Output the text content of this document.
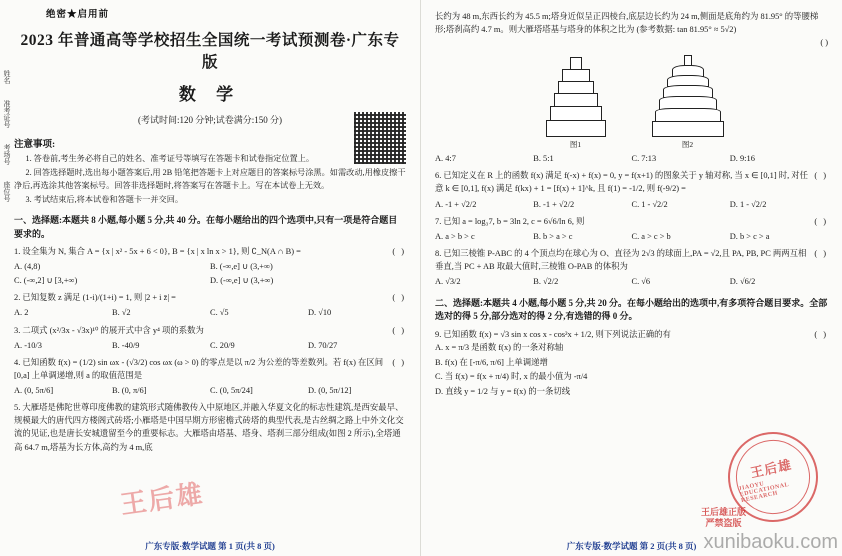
姓名
准考证号
考场号
座位号
绝密★启用前
2023 年普通高等学校招生全国统一考试预测卷·广东专版
数 学
(考试时间:120 分钟;试卷满分:150 分)
注意事项:

1. 答卷前,考生务必将自己的姓名、准考证号等填写在答题卡和试卷指定位置上。

2. 回答选择题时,选出每小题答案后,用 2B 铅笔把答题卡上对应题目的答案标号涂黑。如需改动,用橡皮擦干净后,再选涂其他答案标号。回答非选择题时,将答案写在答题卡上。写在本试卷上无效。

3. 考试结束后,将本试卷和答题卡一并交回。

一、选择题:本题共 8 小题,每小题 5 分,共 40 分。在每小题给出的四个选项中,只有一项是符合题目要求的。
( )
1. 设全集为 N, 集合 A = {x | x² - 5x + 6 < 0}, B = {x | x ln x > 1}, 则 ∁_N(A ∩ B) =
A. (4,8)	B. (-∞,e] ∪ (3,+∞)
C. (-∞,2] ∪ [3,+∞)	D. (-∞,e] ∪ (3,+∞)
( )
2. 已知复数 z 满足 (1-i)/(1+i) = 1, 则 |2 + i z̄| =
A. 2	B. √2	C. √5	D. √10
( )
3. 二项式 (x²/3x - √3x)¹⁰ 的展开式中含 y⁴ 项的系数为
A. -10/3	B. -40/9	C. 20/9	D. 70/27
( )
4. 已知函数 f(x) = (1/2) sin ωx - (√3/2) cos ωx (ω > 0) 的零点是以 π/2 为公差的等差数列。若 f(x) 在区间 [0,a] 上单调递增,则 a 的取值范围是
A. (0, 5π/6]	B. (0, π/6]	C. (0, 5π/24]	D. (0, 5π/12]
5. 大雁塔是佛陀世尊印度佛教的建筑形式随佛教传入中原地区,并融入华夏文化的标志性建筑,是西安最早、规模最大的唐代四方楼阁式砖塔;小雁塔是中国早期方形密檐式砖塔的典型代表,是古丝绸之路上中外文化交流的见证,也是唐长安城遗留至今的重要标志。大雁塔由塔基、塔身、塔刹三部分组成(如图 2 所示),全塔通高 64.7 m,塔基为长方体,高约为 4 m,底
王后雄
广东专版·数学试题 第 1 页(共 8 页)

长约为 48 m,东西长约为 45.5 m;塔身近似呈正四棱台,底层边长约为 24 m,侧面是底角约为 81.95° 的等腰梯形;塔刹高约 4.7 m。则大雁塔塔基与塔身的体积之比为 (参考数据: tan 81.95° ≈ 5√2)

( )
图1	图2
A. 4:7	B. 5:1	C. 7:13	D. 9:16
( )
6. 已知定义在 R 上的函数 f(x) 满足 f(-x) + f(x) = 0, y = f(x+1) 的图象关于 y 轴对称, 当 x ∈ [0,1] 时, 对任意 k ∈ [0,1], f(x) 满足 f(kx) + 1 = [f(x) + 1]^k, 且 f(1) = -1/2, 则 f(-9/2) =
A. -1 + √2/2	B. -1 + √2/2	C. 1 - √2/2	D. 1 - √2/2
( )
7. 已知 a = log₃7, b = 3ln 2, c = 6√6/ln 6, 则
A. a > b > c	B. b > a > c	C. a > c > b	D. b > c > a
( )
8. 已知三棱锥 P-ABC 的 4 个顶点均在球心为 O、直径为 2√3 的球面上,PA = √2,且 PA, PB, PC 两两互相垂直,当 PC + AB 取最大值时,三棱锥 O-PAB 的体积为
A. √3/2	B. √2/2	C. √6	D. √6/2
二、选择题:本题共 4 小题,每小题 5 分,共 20 分。在每小题给出的选项中,有多项符合题目要求。全部选对的得 5 分,部分选对的得 2 分,有选错的得 0 分。
( )
9. 已知函数 f(x) = √3 sin x cos x - cos²x + 1/2, 则下列说法正确的有
A. x = π/3 是函数 f(x) 的一条对称轴
B. f(x) 在 [-π/6, π/6] 上单调递增
C. 当 f(x) = f(x + π/4) 时, x 的最小值为 -π/4
D. 直线 y = 1/2 与 y = f(x) 的一条切线
王后雄
JIAOYU EDUCATIONAL RESEARCH
王后雄正版
严禁盗版
xunibaoku.com
广东专版·数学试题 第 2 页(共 8 页)
